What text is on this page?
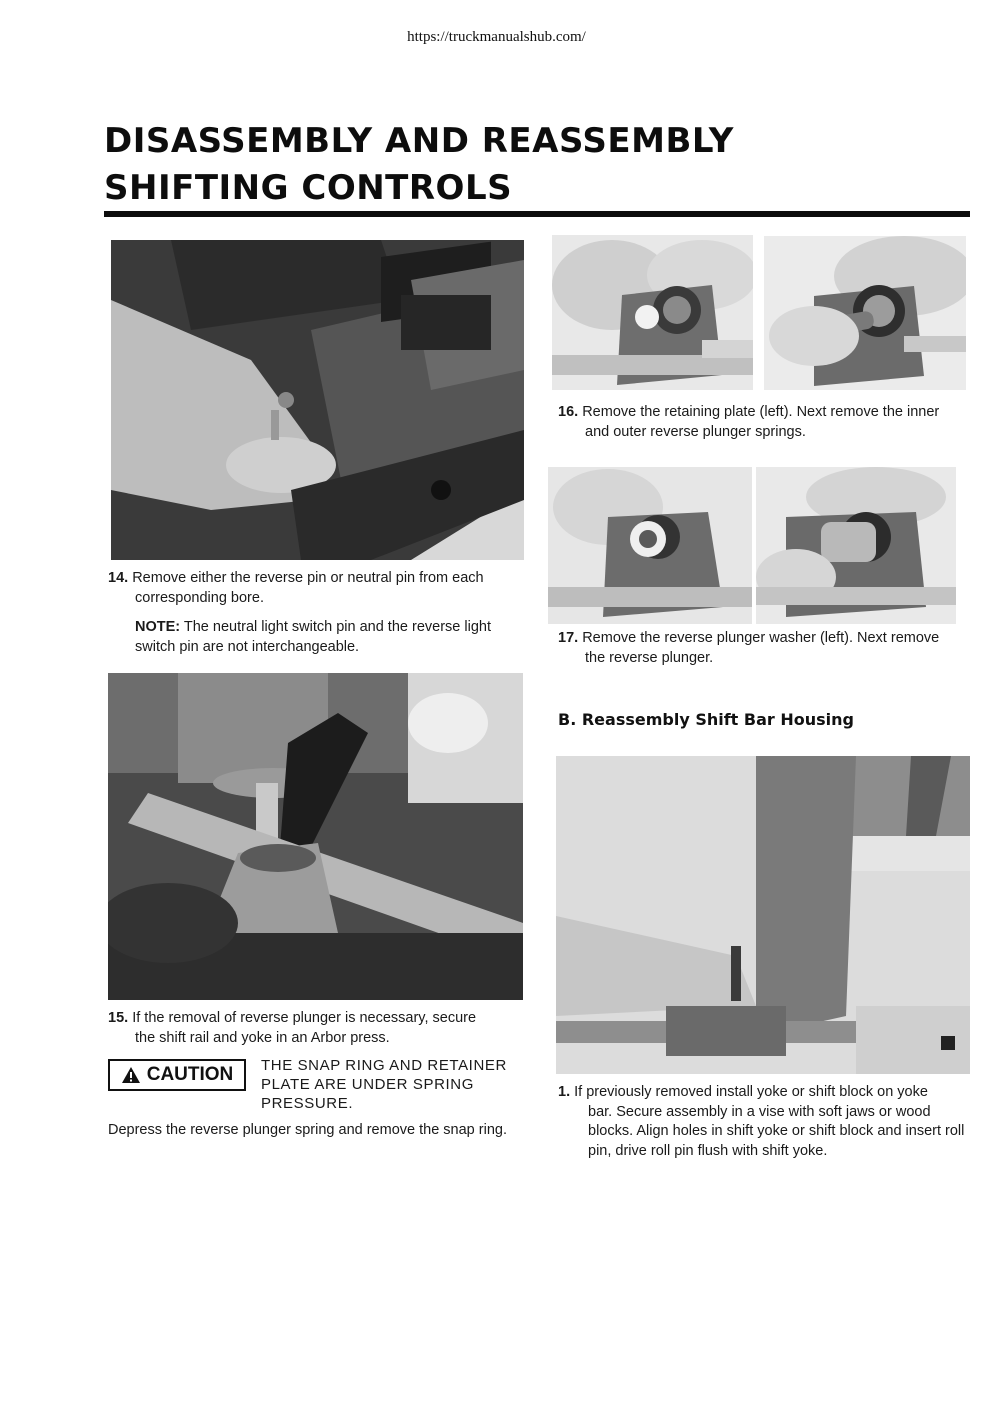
https://truckmanualshub.com/
DISASSEMBLY AND REASSEMBLY
SHIFTING CONTROLS
14. Remove either the reverse pin or neutral pin from each
corresponding bore.
NOTE: The neutral light switch pin and the reverse light
switch pin are not interchangeable.
15. If the removal of reverse plunger is necessary, secure
the shift rail and yoke in an Arbor press.
CAUTION THE SNAP RING AND RETAINER PLATE ARE UNDER SPRING PRESSURE.
Depress the reverse plunger spring and remove the snap ring.
16. Remove the retaining plate (left). Next remove the inner
and outer reverse plunger springs.
17. Remove the reverse plunger washer (left). Next remove
the reverse plunger.
B. Reassembly Shift Bar Housing
1. If previously removed install yoke or shift block on yoke
bar. Secure assembly in a vise with soft jaws or wood blocks. Align holes in shift yoke or shift block and insert roll pin, drive roll pin flush with shift yoke.
